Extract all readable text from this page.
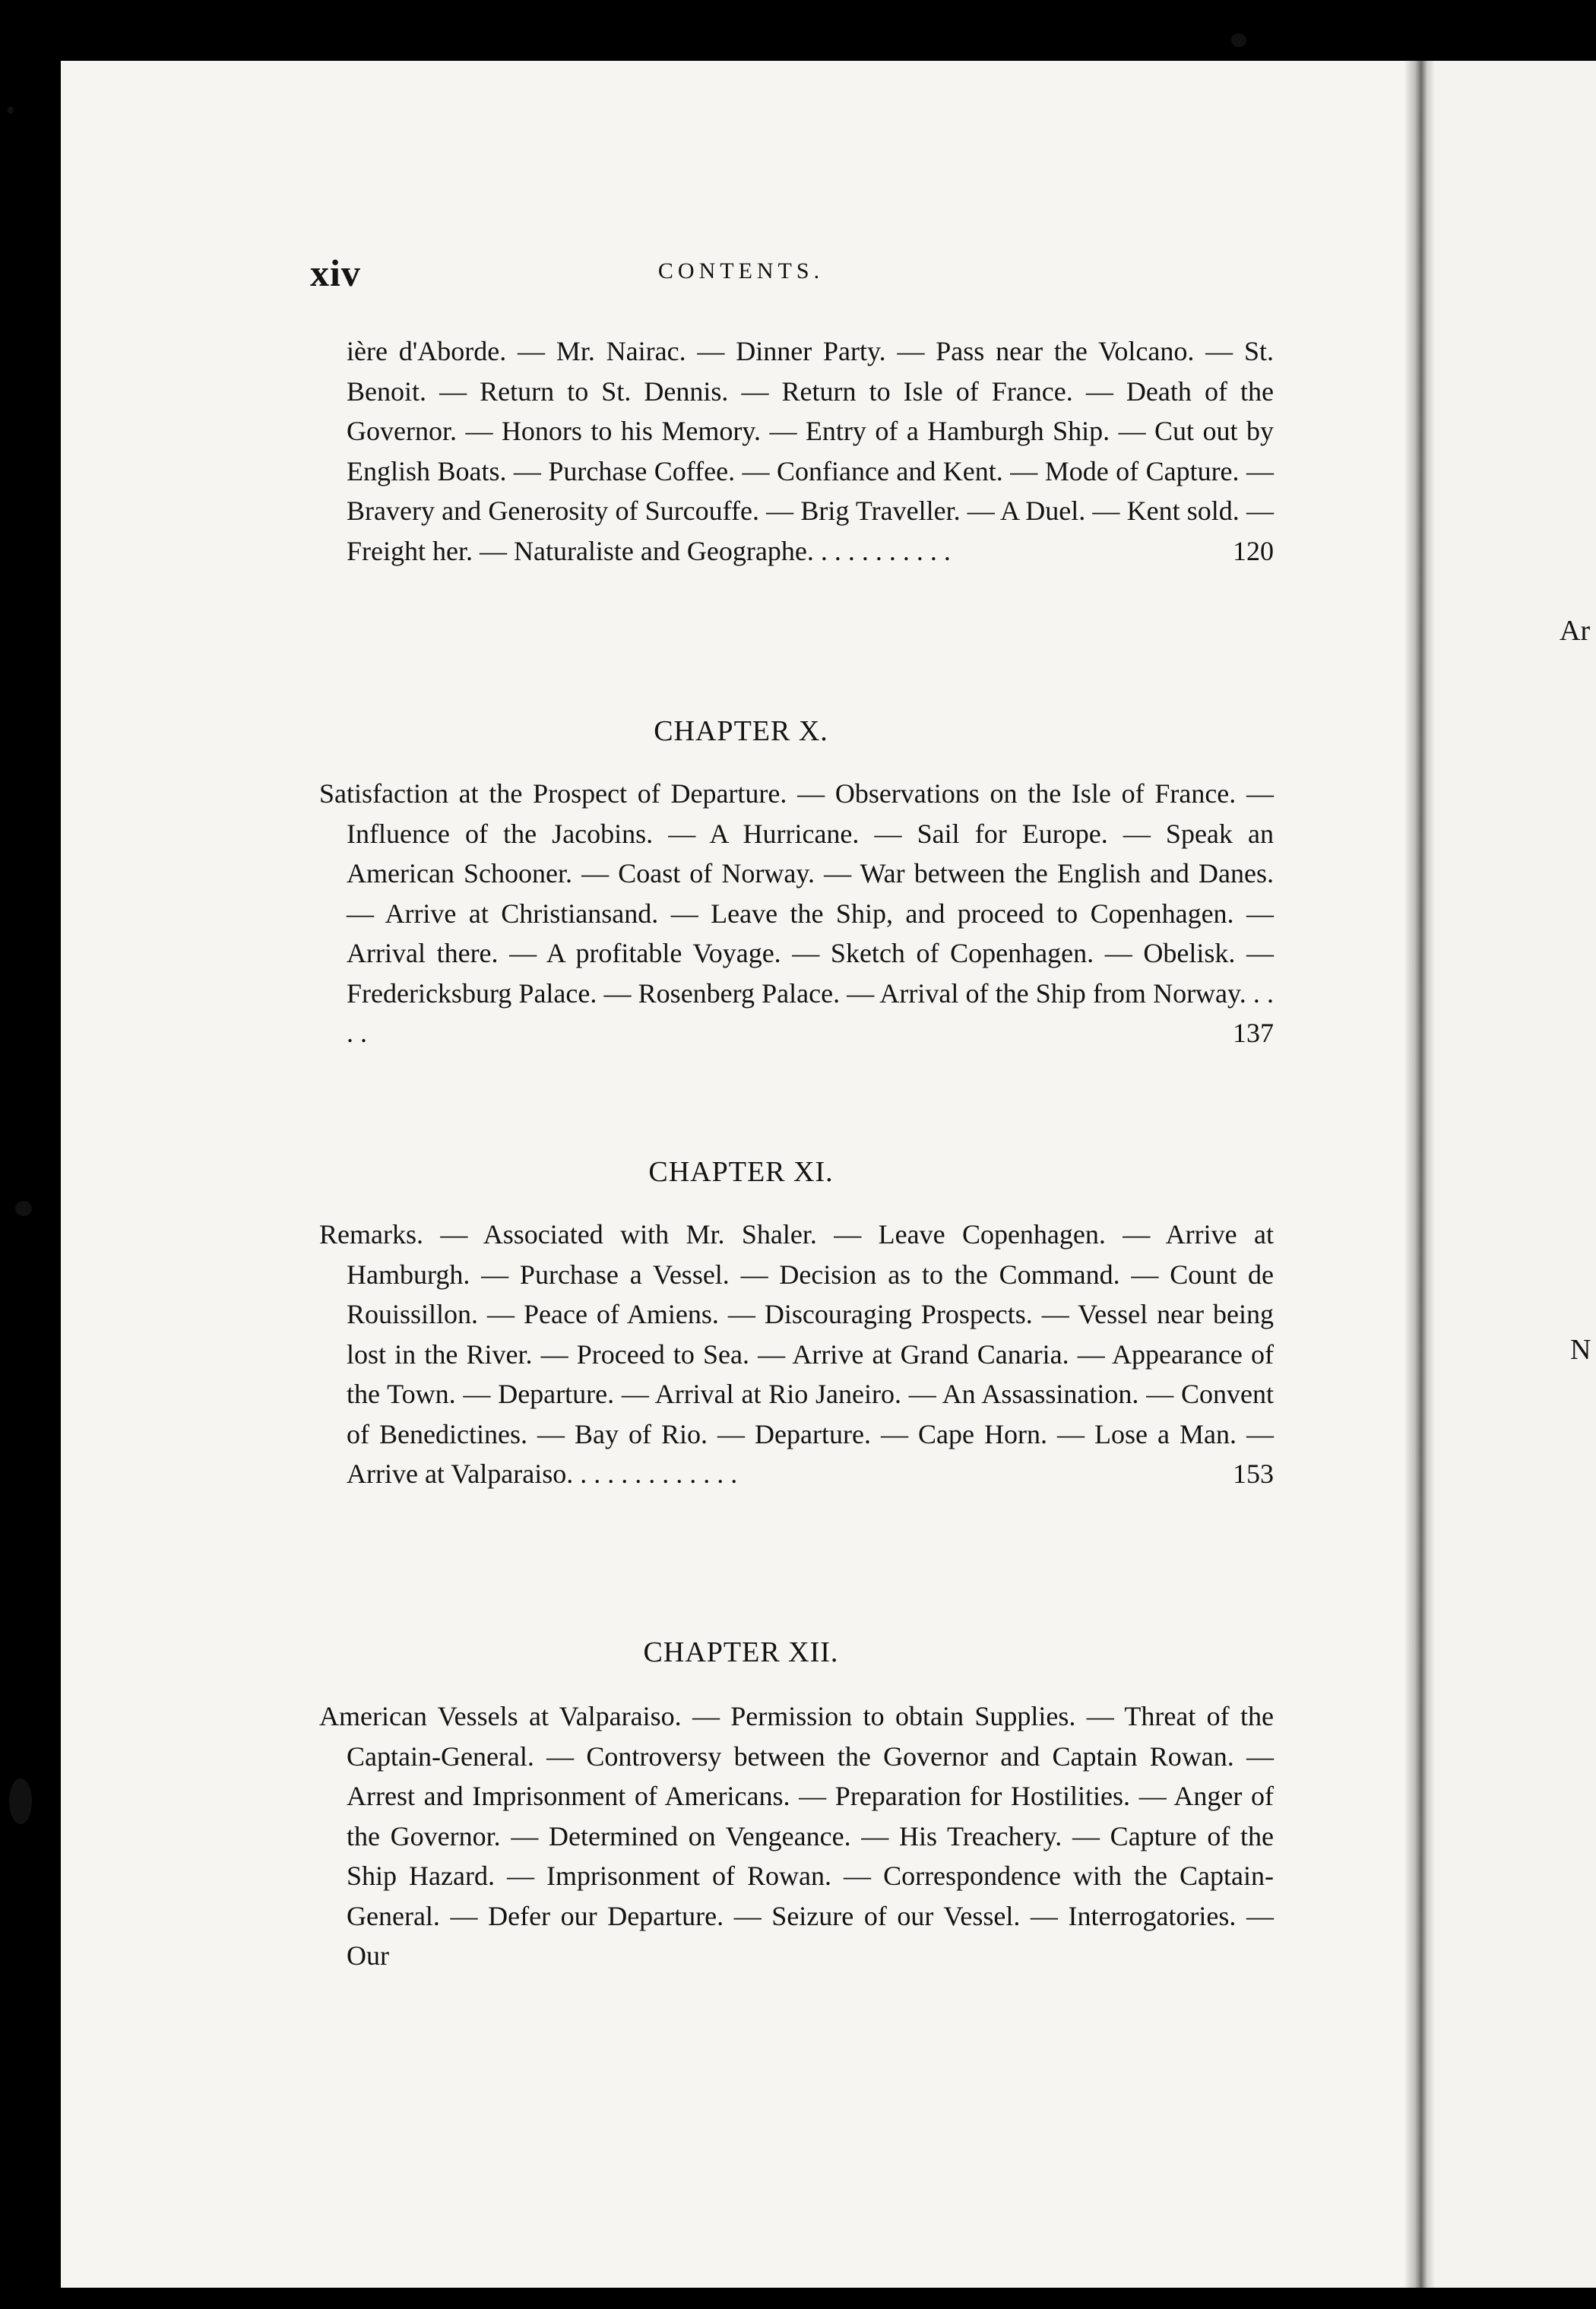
xiv	CONTENTS.
ière d'Aborde. — Mr. Nairac. — Dinner Party. — Pass near the Volcano. — St. Benoit. — Return to St. Dennis. — Return to Isle of France. — Death of the Governor. — Honors to his Memory. — Entry of a Hamburgh Ship. — Cut out by English Boats. — Purchase Coffee. — Confiance and Kent. — Mode of Capture. — Bravery and Generosity of Surcouffe. — Brig Traveller. — A Duel. — Kent sold. — Freight her. — Naturaliste and Geographe. . . . . . . . . . .	120
CHAPTER X.
Satisfaction at the Prospect of Departure. — Observations on the Isle of France. — Influence of the Jacobins. — A Hurricane. — Sail for Europe. — Speak an American Schooner. — Coast of Norway. — War between the English and Danes. — Arrive at Christiansand. — Leave the Ship, and proceed to Copenhagen. — Arrival there. — A profitable Voyage. — Sketch of Copenhagen. — Obelisk. — Fredericksburg Palace. — Rosenberg Palace. — Arrival of the Ship from Norway. . . . .	137
CHAPTER XI.
Remarks. — Associated with Mr. Shaler. — Leave Copenhagen. — Arrive at Hamburgh. — Purchase a Vessel. — Decision as to the Command. — Count de Rouissillon. — Peace of Amiens. — Discouraging Prospects. — Vessel near being lost in the River. — Proceed to Sea. — Arrive at Grand Canaria. — Appearance of the Town. — Departure. — Arrival at Rio Janeiro. — An Assassination. — Convent of Benedictines. — Bay of Rio. — Departure. — Cape Horn. — Lose a Man. — Arrive at Valparaiso. . . . . . . . . . . . .	153
CHAPTER XII.
American Vessels at Valparaiso. — Permission to obtain Supplies. — Threat of the Captain-General. — Controversy between the Governor and Captain Rowan. — Arrest and Imprisonment of Americans. — Preparation for Hostilities. — Anger of the Governor. — Determined on Vengeance. — His Treachery. — Capture of the Ship Hazard. — Imprisonment of Rowan. — Correspondence with the Captain-General. — Defer our Departure. — Seizure of our Vessel. — Interrogatories. — Our
Ar
N
